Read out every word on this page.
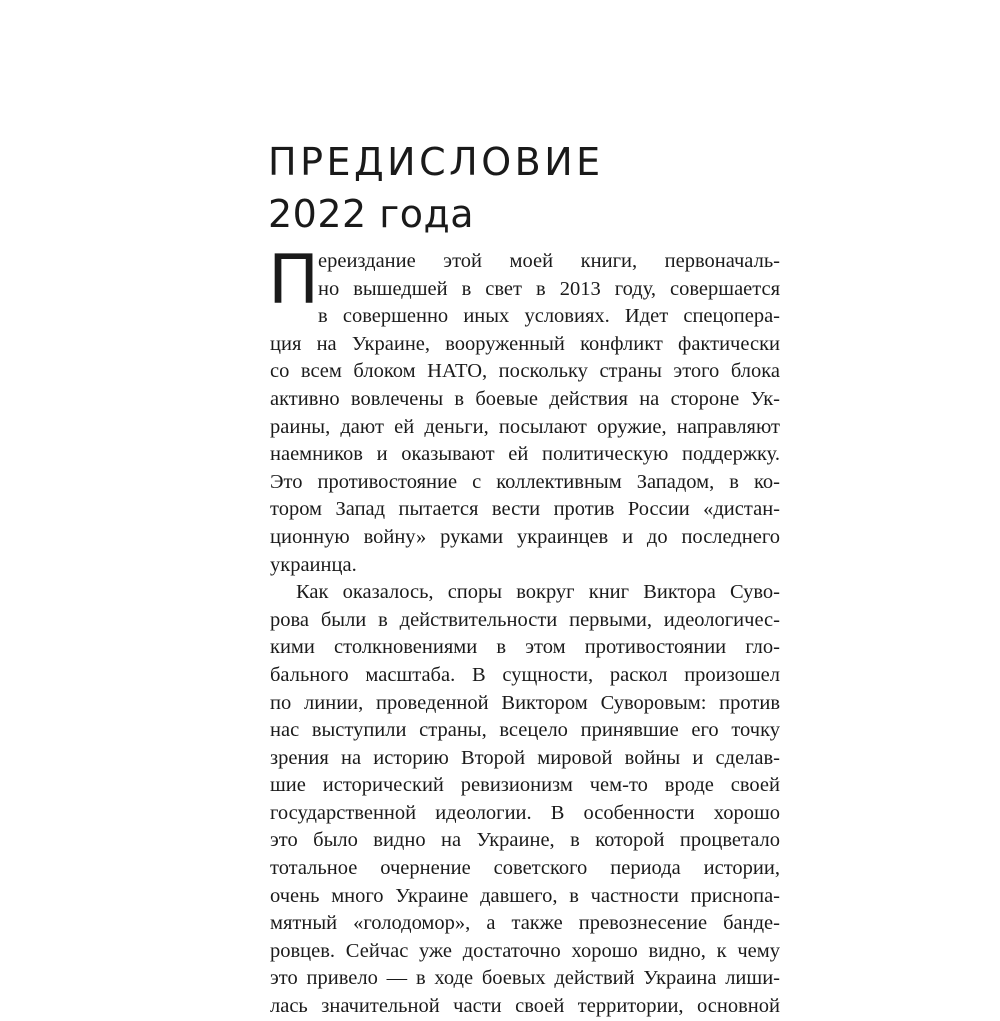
ПРЕДИСЛОВИЕ
2022 года
П
ереиздание этой моей книги, первоначаль-
но вышедшей в свет в 2013 году, совершается
в совершенно иных условиях. Идет спецопера-
ция на Украине, вооруженный конфликт фактически
со всем блоком НАТО, поскольку страны этого блока
активно вовлечены в боевые действия на стороне Ук-
раины, дают ей деньги, посылают оружие, направляют
наемников и оказывают ей политическую поддержку.
Это противостояние с коллективным Западом, в ко-
тором Запад пытается вести против России «дистан-
ционную войну» руками украинцев и до последнего
украинца.
Как оказалось, споры вокруг книг Виктора Суво-
рова были в действительности первыми, идеологичес-
кими столкновениями в этом противостоянии гло-
бального масштаба. В сущности, раскол произошел
по линии, проведенной Виктором Суворовым: против
нас выступили страны, всецело принявшие его точку
зрения на историю Второй мировой войны и сделав-
шие исторический ревизионизм чем-то вроде своей
государственной идеологии. В особенности хорошо
это было видно на Украине, в которой процветало
тотальное очернение советского периода истории,
очень много Украине давшего, в частности приснопа-
мятный «голодомор», а также превознесение банде-
ровцев. Сейчас уже достаточно хорошо видно, к чему
это привело — в ходе боевых действий Украина лиши-
лась значительной части своей территории, основной
